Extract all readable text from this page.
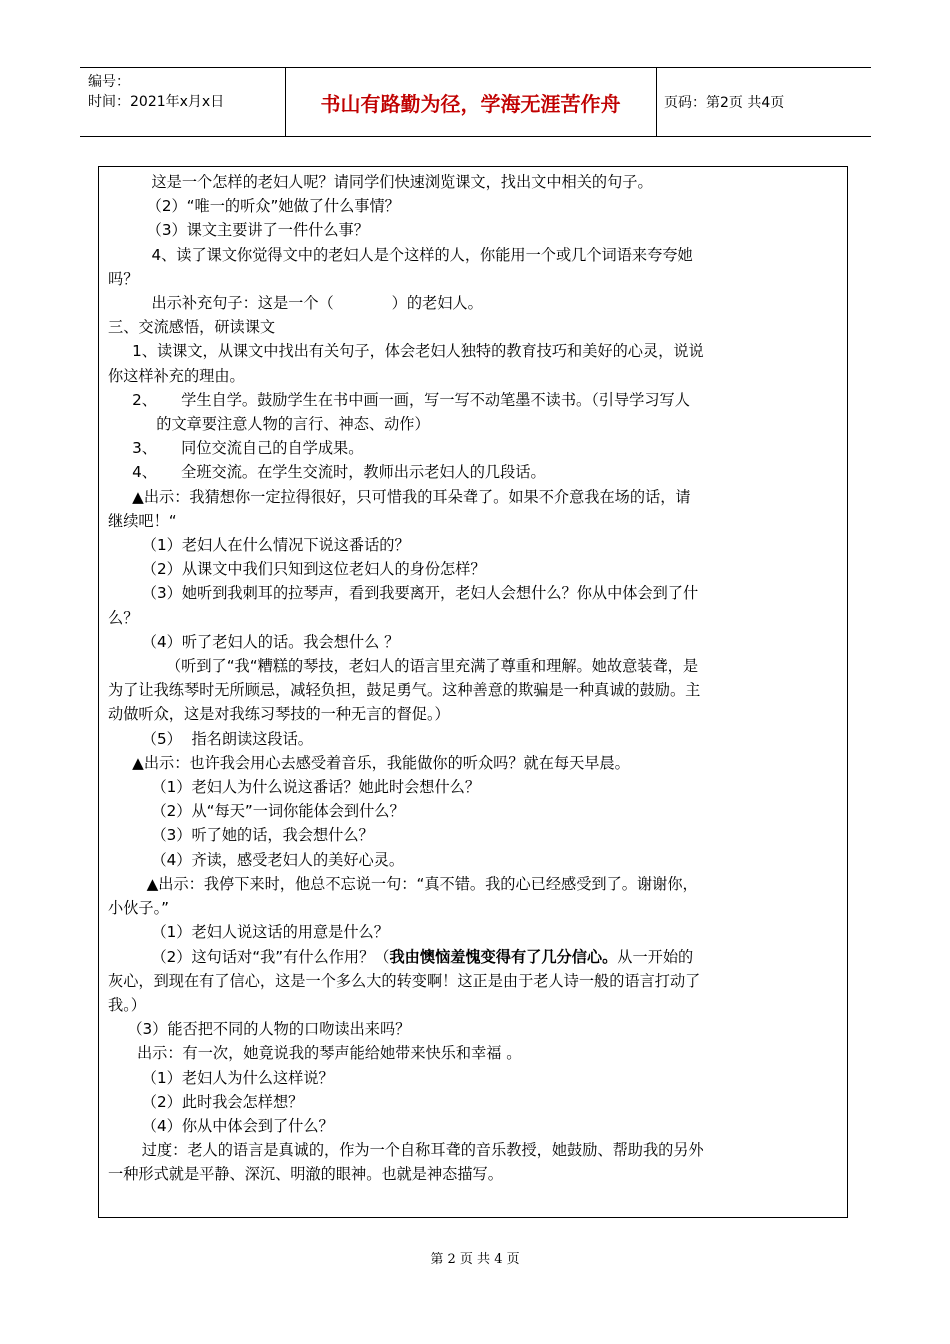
编号：
时间：2021年x月x日	书山有路勤为径，学海无涯苦作舟	页码：第2页 共4页

这是一个怎样的老妇人呢？请同学们快速浏览课文，找出文中相关的句子。

（2）“唯一的听众”她做了什么事情？

（3）课文主要讲了一件什么事？

4、读了课文你觉得文中的老妇人是个这样的人，你能用一个或几个词语来夸夸她

吗？

出示补充句子：这是一个（            ）的老妇人。

三、交流感悟，研读课文

1、读课文，从课文中找出有关句子，体会老妇人独特的教育技巧和美好的心灵，说说

你这样补充的理由。

2、     学生自学。鼓励学生在书中画一画，写一写不动笔墨不读书。（引导学习写人

的文章要注意人物的言行、神态、动作）

3、     同位交流自己的自学成果。

4、     全班交流。在学生交流时，教师出示老妇人的几段话。

▲出示：我猜想你一定拉得很好，只可惜我的耳朵聋了。如果不介意我在场的话，请

继续吧！“

（1）老妇人在什么情况下说这番话的？

（2）从课文中我们只知到这位老妇人的身份怎样？

（3）她听到我刺耳的拉琴声，看到我要离开，老妇人会想什么？你从中体会到了什

么？

（4）听了老妇人的话。我会想什么 ？

（听到了“我“糟糕的琴技，老妇人的语言里充满了尊重和理解。她故意装聋，是

为了让我练琴时无所顾忌，减轻负担，鼓足勇气。这种善意的欺骗是一种真诚的鼓励。主

动做听众，这是对我练习琴技的一种无言的督促。）

（5）  指名朗读这段话。

▲出示：也许我会用心去感受着音乐，我能做你的听众吗？就在每天早晨。

（1）老妇人为什么说这番话？她此时会想什么？

（2）从“每天”一词你能体会到什么？

（3）听了她的话，我会想什么？

（4）齐读，感受老妇人的美好心灵。

▲出示：我停下来时，他总不忘说一句：“真不错。我的心已经感受到了。谢谢你，

小伙子。”

（1）老妇人说这话的用意是什么？

（2）这句话对“我”有什么作用？（我由懊恼羞愧变得有了几分信心。从一开始的

灰心，到现在有了信心，这是一个多么大的转变啊！这正是由于老人诗一般的语言打动了

我。）

（3）能否把不同的人物的口吻读出来吗？

出示：有一次，她竟说我的琴声能给她带来快乐和幸福 。

（1）老妇人为什么这样说？

（2）此时我会怎样想？

（4）你从中体会到了什么？

过度：老人的语言是真诚的，作为一个自称耳聋的音乐教授，她鼓励、帮助我的另外

一种形式就是平静、深沉、明澈的眼神。也就是神态描写。

第 2 页 共 4 页
